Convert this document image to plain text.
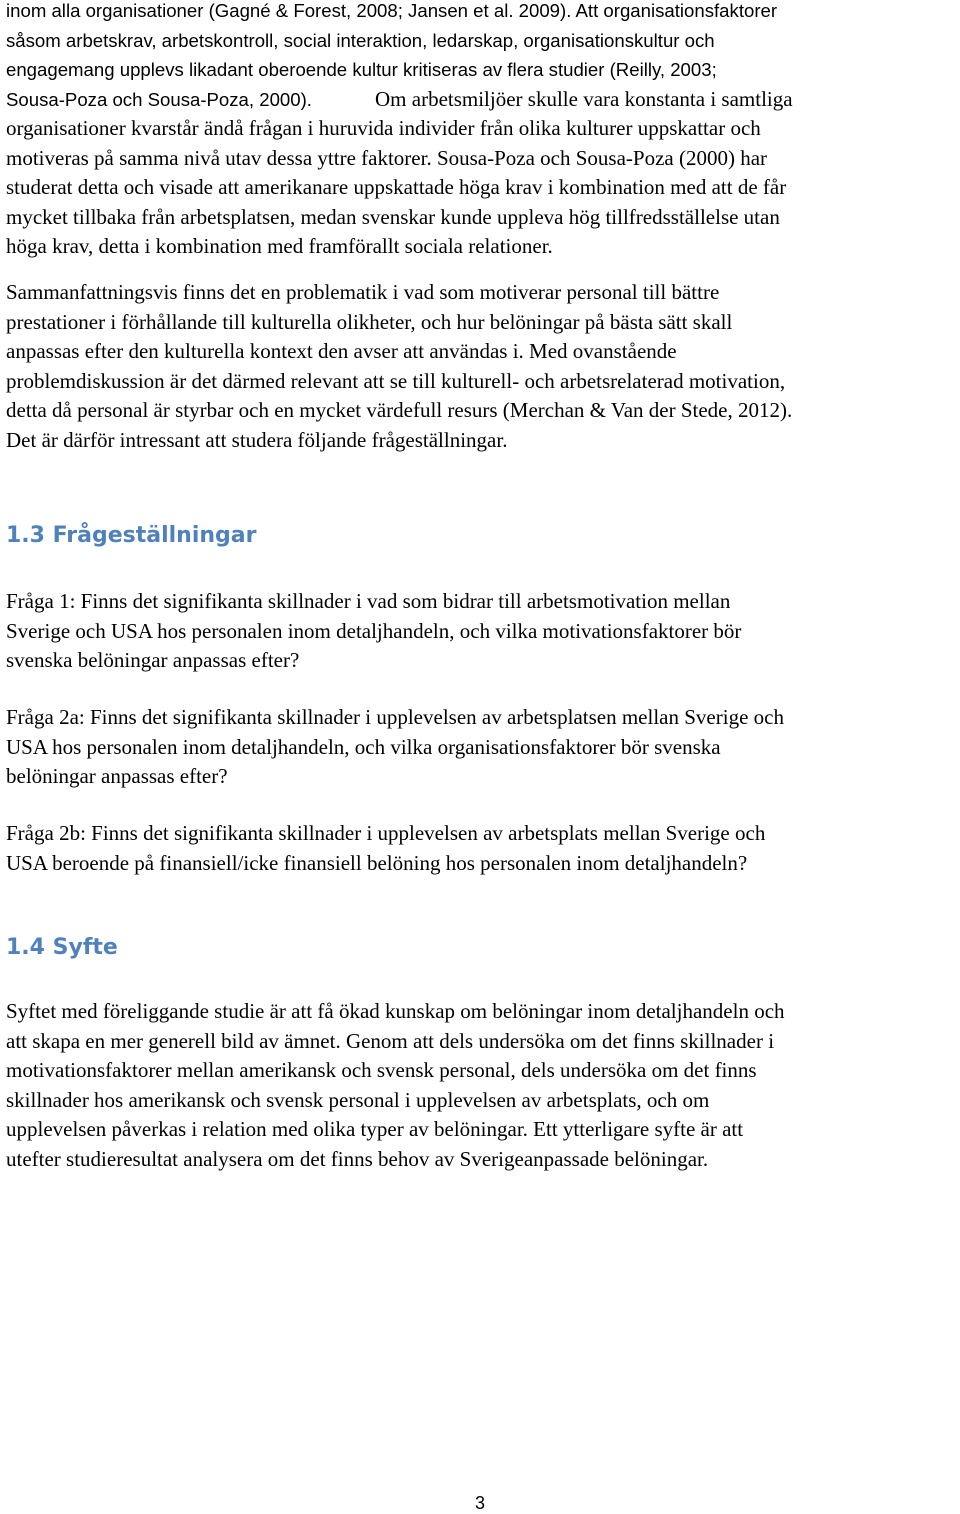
inom alla organisationer (Gagné & Forest, 2008; Jansen et al. 2009). Att organisationsfaktorer
såsom arbetskrav, arbetskontroll, social interaktion, ledarskap, organisationskultur och
engagemang upplevs likadant oberoende kultur kritiseras av flera studier (Reilly, 2003;
Sousa-Poza och Sousa-Poza, 2000).	Om arbetsmiljöer skulle vara konstanta i samtliga

organisationer kvarstår ändå frågan i huruvida individer från olika kulturer uppskattar och
motiveras på samma nivå utav dessa yttre faktorer. Sousa-Poza och Sousa-Poza (2000) har
studerat detta och visade att amerikanare uppskattade höga krav i kombination med att de får
mycket tillbaka från arbetsplatsen, medan svenskar kunde uppleva hög tillfredsställelse utan
höga krav, detta i kombination med framförallt sociala relationer.

Sammanfattningsvis finns det en problematik i vad som motiverar personal till bättre
prestationer i förhållande till kulturella olikheter, och hur belöningar på bästa sätt skall
anpassas efter den kulturella kontext den avser att användas i. Med ovanstående
problemdiskussion är det därmed relevant att se till kulturell- och arbetsrelaterad motivation,
detta då personal är styrbar och en mycket värdefull resurs (Merchan & Van der Stede, 2012).
Det är därför intressant att studera följande frågeställningar.

1.3 Frågeställningar

Fråga 1: Finns det signifikanta skillnader i vad som bidrar till arbetsmotivation mellan
Sverige och USA hos personalen inom detaljhandeln, och vilka motivationsfaktorer bör
svenska belöningar anpassas efter?

Fråga 2a: Finns det signifikanta skillnader i upplevelsen av arbetsplatsen mellan Sverige och
USA hos personalen inom detaljhandeln, och vilka organisationsfaktorer bör svenska
belöningar anpassas efter?

Fråga 2b: Finns det signifikanta skillnader i upplevelsen av arbetsplats mellan Sverige och
USA beroende på finansiell/icke finansiell belöning hos personalen inom detaljhandeln?

1.4 Syfte

Syftet med föreliggande studie är att få ökad kunskap om belöningar inom detaljhandeln och
att skapa en mer generell bild av ämnet. Genom att dels undersöka om det finns skillnader i
motivationsfaktorer mellan amerikansk och svensk personal, dels undersöka om det finns
skillnader hos amerikansk och svensk personal i upplevelsen av arbetsplats, och om
upplevelsen påverkas i relation med olika typer av belöningar. Ett ytterligare syfte är att
utefter studieresultat analysera om det finns behov av Sverigeanpassade belöningar.

3
